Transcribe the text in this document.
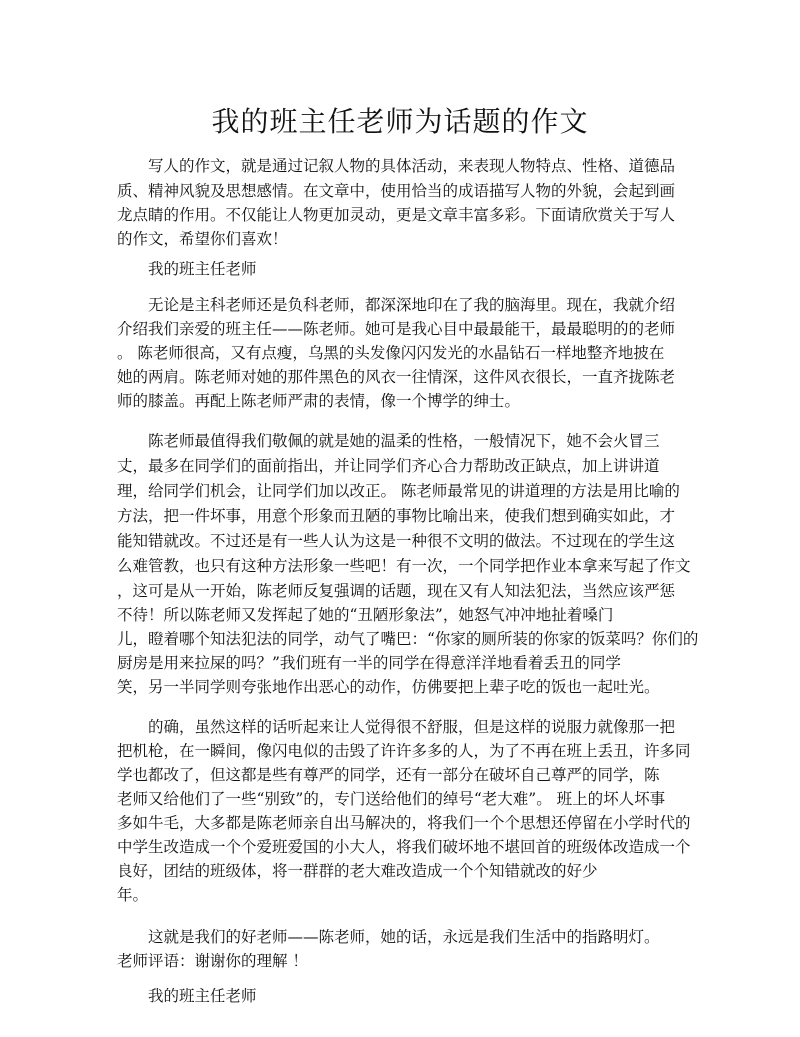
我的班主任老师为话题的作文
写人的作文，就是通过记叙人物的具体活动，来表现人物特点、性格、道德品
质、精神风貌及思想感情。在文章中，使用恰当的成语描写人物的外貌，会起到画
龙点睛的作用。不仅能让人物更加灵动，更是文章丰富多彩。下面请欣赏关于写人
的作文，希望你们喜欢！
我的班主任老师
无论是主科老师还是负科老师，都深深地印在了我的脑海里。现在，我就介绍
介绍我们亲爱的班主任——陈老师。她可是我心目中最最能干，最最聪明的的老师
。 陈老师很高，又有点瘦，乌黑的头发像闪闪发光的水晶钻石一样地整齐地披在
她的两肩。陈老师对她的那件黑色的风衣一往情深，这件风衣很长，一直齐拢陈老
师的膝盖。再配上陈老师严肃的表情，像一个博学的绅士。
陈老师最值得我们敬佩的就是她的温柔的性格，一般情况下，她不会火冒三
丈，最多在同学们的面前指出，并让同学们齐心合力帮助改正缺点，加上讲讲道
理，给同学们机会，让同学们加以改正。 陈老师最常见的讲道理的方法是用比喻的
方法，把一件坏事，用意个形象而丑陋的事物比喻出来，使我们想到确实如此，才
能知错就改。不过还是有一些人认为这是一种很不文明的做法。不过现在的学生这
么难管教，也只有这种方法形象一些吧！有一次，一个同学把作业本拿来写起了作文
，这可是从一开始，陈老师反复强调的话题，现在又有人知法犯法，当然应该严惩
不待！所以陈老师又发挥起了她的“丑陋形象法”，她怒气冲冲地扯着嗓门
儿，瞪着哪个知法犯法的同学，动气了嘴巴：“你家的厕所装的你家的饭菜吗？你们的
厨房是用来拉屎的吗？”我们班有一半的同学在得意洋洋地看着丢丑的同学
笑，另一半同学则夸张地作出恶心的动作，仿佛要把上辈子吃的饭也一起吐光。
的确，虽然这样的话听起来让人觉得很不舒服，但是这样的说服力就像那一把
把机枪，在一瞬间，像闪电似的击毁了许许多多的人，为了不再在班上丢丑，许多同
学也都改了，但这都是些有尊严的同学，还有一部分在破坏自己尊严的同学，陈
老师又给他们了一些“别致”的，专门送给他们的绰号“老大难”。 班上的坏人坏事
多如牛毛，大多都是陈老师亲自出马解决的，将我们一个个思想还停留在小学时代的
中学生改造成一个个爱班爱国的小大人，将我们破坏地不堪回首的班级体改造成一个
良好，团结的班级体，将一群群的老大难改造成一个个知错就改的好少
年。
这就是我们的好老师——陈老师，她的话，永远是我们生活中的指路明灯。
老师评语：谢谢你的理解 ！
我的班主任老师
